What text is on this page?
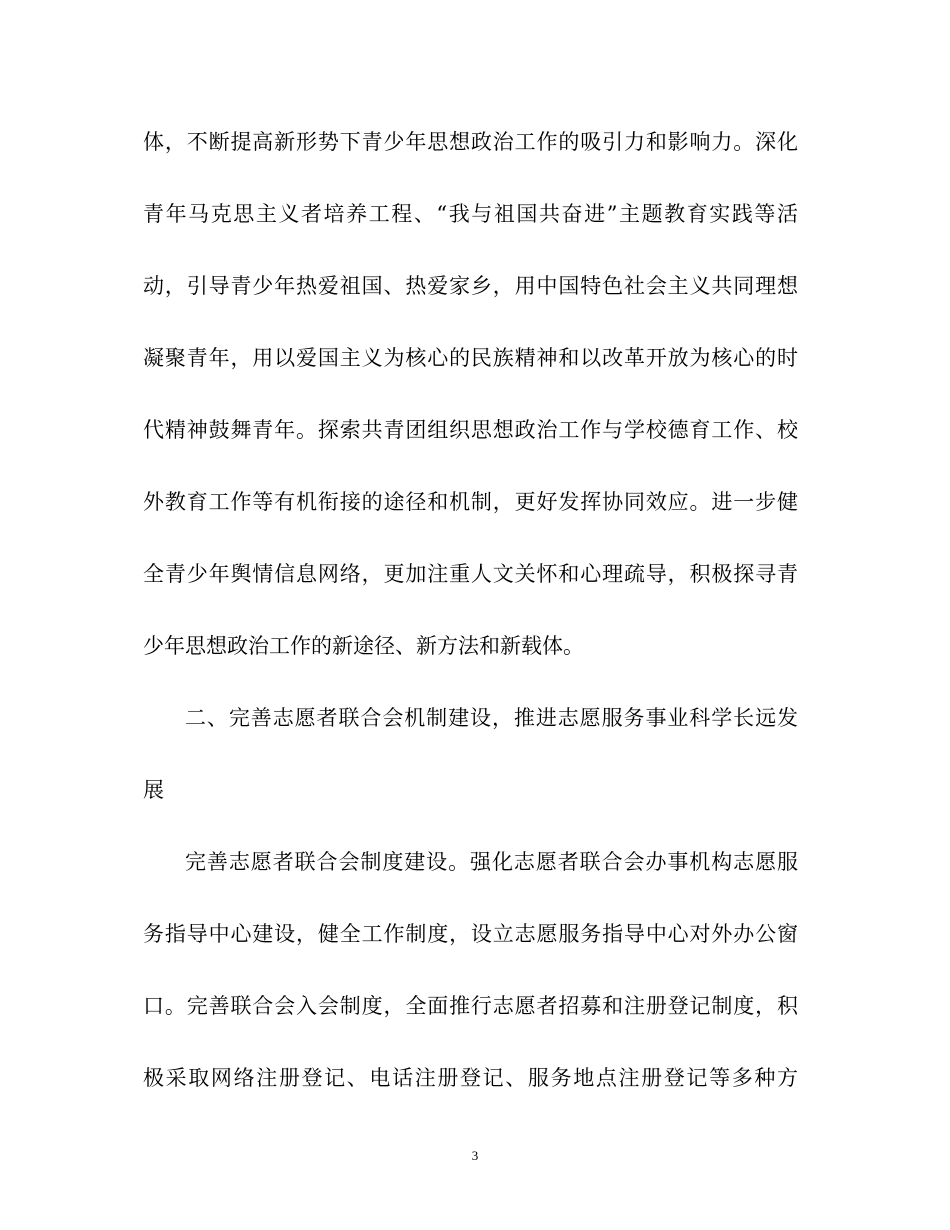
体，不断提高新形势下青少年思想政治工作的吸引力和影响力。深化
青年马克思主义者培养工程、“我与祖国共奋进”主题教育实践等活
动，引导青少年热爱祖国、热爱家乡，用中国特色社会主义共同理想
凝聚青年，用以爱国主义为核心的民族精神和以改革开放为核心的时
代精神鼓舞青年。探索共青团组织思想政治工作与学校德育工作、校
外教育工作等有机衔接的途径和机制，更好发挥协同效应。进一步健
全青少年舆情信息网络，更加注重人文关怀和心理疏导，积极探寻青
少年思想政治工作的新途径、新方法和新载体。
二、完善志愿者联合会机制建设，推进志愿服务事业科学长远发
展
完善志愿者联合会制度建设。强化志愿者联合会办事机构志愿服
务指导中心建设，健全工作制度，设立志愿服务指导中心对外办公窗
口。完善联合会入会制度，全面推行志愿者招募和注册登记制度，积
极采取网络注册登记、电话注册登记、服务地点注册登记等多种方
3
